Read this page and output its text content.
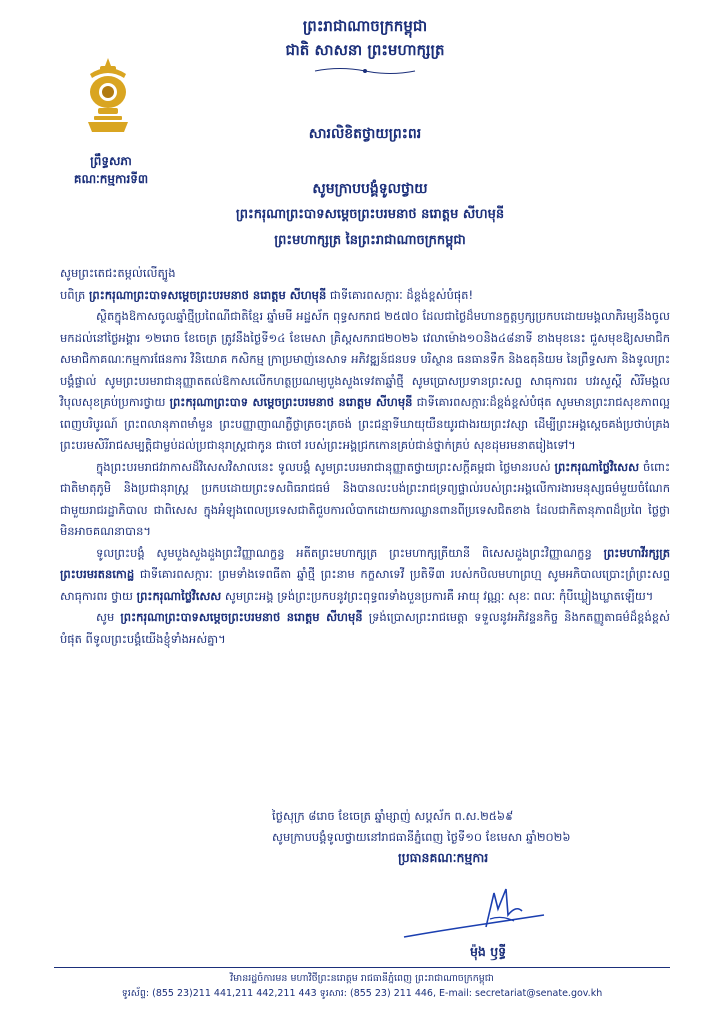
ព្រះរាជាណាចក្រកម្ពុជា
ជាតិ សាសនា ព្រះមហាក្សត្រ
ព្រឹទ្ធសភា
គណៈកម្មការទី៣
សារលិខិតថ្វាយព្រះពរ
សូមក្រាបបង្គំទូលថ្វាយ
ព្រះករុណាព្រះបាទសម្តេចព្រះបរមនាថ នរោត្តម សីហមុនី
ព្រះមហាក្សត្រ នៃព្រះរាជាណាចក្រកម្ពុជា

សូមព្រះតេជះតម្កល់លើត្បូង

បពិត្រ ព្រះករុណាព្រះបាទសម្តេចព្រះបរមនាថ នរោត្តម សីហមុនី ជាទីគោរពសក្ការៈ ដ៏ខ្ពង់ខ្ពស់បំផុត!

ស្ថិតក្នុងឱកាសចូលឆ្នាំថ្មីប្រពៃណីជាតិខ្មែរ ឆ្នាំមមី អដ្ឋស័ក ពុទ្ធសករាជ ២៥៧០ ដែលជាថ្ងៃដ៏មហានក្ខត្តឫក្សប្រកបដោយមង្គលាភិរម្យនឹងចូលមកដល់នៅថ្ងៃអង្គារ ១២រោច ខែចេត្រ ត្រូវនឹងថ្ងៃទី១៤ ខែមេសា គ្រិស្តសករាជ២០២៦ វេលាម៉ោង១០និង៤៨នាទី ខាងមុខនេះ ជួសមុខឱ្យសមាជិក សមាជិកាគណៈកម្មការផែនការ វិនិយោគ កសិកម្ម ក្រាប្រមាញ់នេសាទ អភិវឌ្ឍន៍ជនបទ បរិស្ថាន ធនធានទឹក និងឧតុនិយម នៃព្រឹទ្ធសភា និងទូលព្រះបង្គំផ្ទាល់ សូមព្រះបរមរាជានុញ្ញាតតល់ឱកាសលើកហត្ថប្រណម្យបួងសួងទេវតាឆ្នាំថ្មី សូមប្រោសប្រទានព្រះសព្ទ សាធុការពរ បវរសួស្តី សិរីមង្គល វិបុលសុខគ្រប់ប្រការថ្វាយ ព្រះករុណាព្រះបាទ សម្តេចព្រះបរមនាថ នរោត្តម សីហមុនី ជាទីគោរពសក្ការៈដ៏ខ្ពង់ខ្ពស់បំផុត សូមមានព្រះរាជសុខភាពល្អពេញបរិបូរណ៍ ព្រះពលានុភាពមាំមួន ព្រះបញ្ញាញាណភ្លឺថ្លាត្រចះត្រចង់ ព្រះជន្មាទីឃាយុយឺនយូរជាងរយព្រះវស្សា ដើម្បីព្រះអង្គស្តេចគង់ប្រថាប់គ្រងព្រះបរមសិរីរាជសម្បត្តិជាម្លប់ដល់ប្រជានុរាស្ត្រជាកូន ជាចៅ របស់ព្រះអង្គជ្រកកោនគ្រប់ជាន់ថ្នាក់គ្រប់ សុខដុមរមនាតរៀងទៅ។

ក្នុងព្រះបរមរាជវរាកាសដ៏វិសេសវិសាលនេះ ទូលបង្គំ សូមព្រះបរមរាជានុញ្ញាតថ្វាយព្រះសក្តីគម្ពជា ថ្លៃមានរបស់ ព្រះករុណាថ្លៃវិសេស ចំពោះជាតិមាតុភូមិ និងប្រជានុរាស្ត្រ ប្រកបដោយព្រះទសពិធរាជធម៌ និងបានលះបង់ព្រះរាជទ្រព្យផ្ទាល់របស់ព្រះអង្គលើការងារមនុស្សធម៌មួយចំណែកជាមួយរាជរដ្ឋាភិបាល ជាពិសេស ក្នុងអំឡុងពេលប្រទេសជាតិជួបការលំបាកដោយការឈ្លានពានពីប្រទេសជិតខាង ដែលជាកិតានុភាពដ៏ប្រពៃ ថ្លៃថ្លាមិនអាចគណនាបាន។

ទូលព្រះបង្គំ សូមបួងសួងដួងព្រះវិញ្ញាណក្ខន្ធ អតីតព្រះមហាក្សត្រ ព្រះមហាក្សត្រីយានី ពិសេសដួងព្រះវិញ្ញាណក្ខន្ធ ព្រះមហាវីរក្សត្រ ព្រះបរមរតនកោដ្ឋ ជាទីគោរពសក្ការៈ ព្រមទាំងទេពធីតា ឆ្នាំថ្មី ព្រះនាម កក្ខសាទេវី ប្រតិទី៣ របស់កបិលមហាព្រហ្ម សូមអភិបាលប្រោះព្រំព្រះសព្ទសាធុការពរ ថ្វាយ ព្រះករុណាថ្លៃវិសេស សូមព្រះអង្គ ទ្រង់ព្រះប្រកបនូវព្រះពុទ្ធពរទាំងបួនប្រការគឺ អាយុ វណ្ណៈ សុខៈ ពលៈ កុំបីឃ្លៀងឃ្លាតឡើយ។

សូម ព្រះករុណាព្រះបាទសម្តេចព្រះបរមនាថ នរោត្តម សីហមុនី ទ្រង់ប្រោសព្រះរាជមេត្តា ទទួលនូវអភិវន្ទនកិច្ច និងកតញ្ញូតាធម៌ដ៏ខ្ពង់ខ្ពស់បំផុត ពីទូលព្រះបង្គំយើងខ្ញុំទាំងអស់គ្នា។

ថ្ងៃសុក្រ ៨រោច ខែចេត្រ ឆ្នាំម្សាញ់ សប្តស័ក ព.ស.២៥៦៩
សូមក្រាបបង្គំទូលថ្វាយនៅរាជធានីភ្នំពេញ ថ្ងៃទី១០ ខែមេសា ឆ្នាំ២០២៦
ប្រធានគណៈកម្មការ
ម៉ុង ឫទ្ធី
វិមានរដ្ឋចំការមន មហាវិថីព្រះនរោត្តម រាជធានីភ្នំពេញ ព្រះរាជាណាចក្រកម្ពុជា
ទូរស័ព្ទ: (855 23)211 441,211 442,211 443 ទូរសារ: (855 23) 211 446, E-mail: secretariat@senate.gov.kh
